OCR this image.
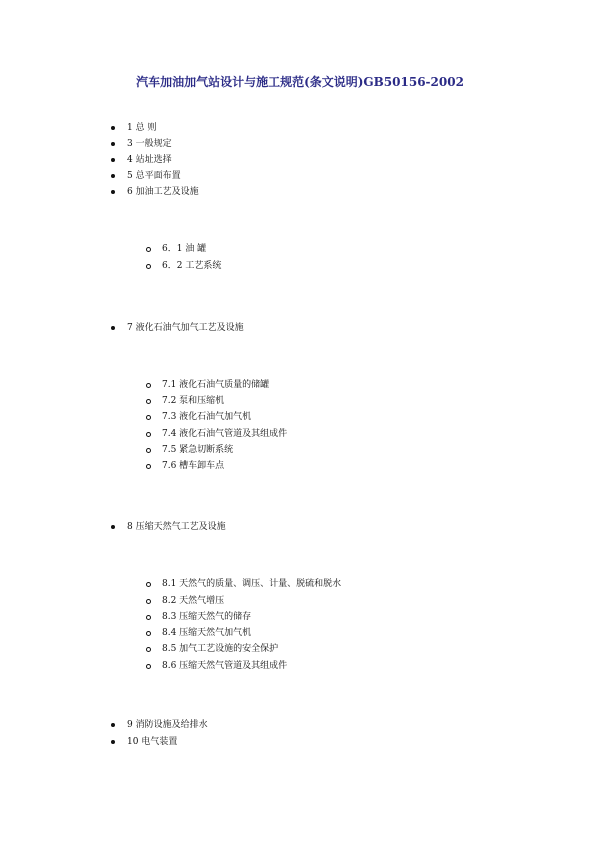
汽车加油加气站设计与施工规范(条文说明)GB50156-2002
1 总 则
3 一般规定
4 站址选择
5 总平面布置
6 加油工艺及设施
6．1 油 罐
6．2 工艺系统
7 液化石油气加气工艺及设施
7.1 液化石油气质量的储罐
7.2 泵和压缩机
7.3 液化石油气加气机
7.4 液化石油气管道及其组成件
7.5 紧急切断系统
7.6 槽车卸车点
8 压缩天然气工艺及设施
8.1 天然气的质量、调压、计量、脱硫和脱水
8.2 天然气增压
8.3 压缩天然气的储存
8.4 压缩天然气加气机
8.5 加气工艺设施的安全保护
8.6 压缩天然气管道及其组成件
9 消防设施及给排水
10 电气装置
